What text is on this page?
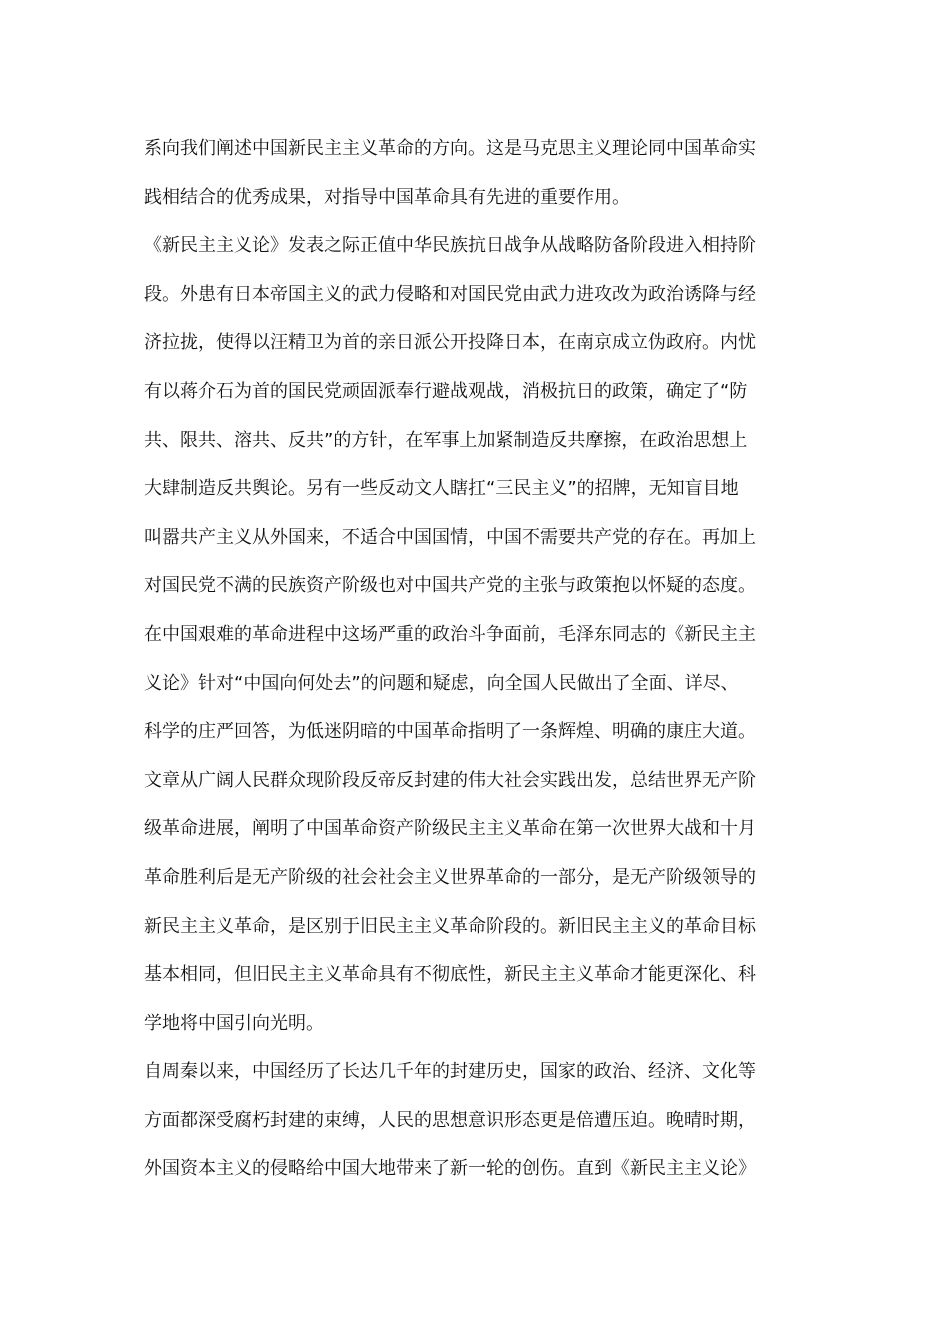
系向我们阐述中国新民主主义革命的方向。这是马克思主义理论同中国革命实
践相结合的优秀成果，对指导中国革命具有先进的重要作用。
《新民主主义论》发表之际正值中华民族抗日战争从战略防备阶段进入相持阶
段。外患有日本帝国主义的武力侵略和对国民党由武力进攻改为政治诱降与经
济拉拢，使得以汪精卫为首的亲日派公开投降日本，在南京成立伪政府。内忧
有以蒋介石为首的国民党顽固派奉行避战观战，消极抗日的政策，确定了“防
共、限共、溶共、反共”的方针，在军事上加紧制造反共摩擦，在政治思想上
大肆制造反共舆论。另有一些反动文人瞎扛“三民主义”的招牌，无知盲目地
叫嚣共产主义从外国来，不适合中国国情，中国不需要共产党的存在。再加上
对国民党不满的民族资产阶级也对中国共产党的主张与政策抱以怀疑的态度。
在中国艰难的革命进程中这场严重的政治斗争面前，毛泽东同志的《新民主主
义论》针对“中国向何处去”的问题和疑虑，向全国人民做出了全面、详尽、
科学的庄严回答，为低迷阴暗的中国革命指明了一条辉煌、明确的康庄大道。
文章从广阔人民群众现阶段反帝反封建的伟大社会实践出发，总结世界无产阶
级革命进展，阐明了中国革命资产阶级民主主义革命在第一次世界大战和十月
革命胜利后是无产阶级的社会社会主义世界革命的一部分，是无产阶级领导的
新民主主义革命，是区别于旧民主主义革命阶段的。新旧民主主义的革命目标
基本相同，但旧民主主义革命具有不彻底性，新民主主义革命才能更深化、科
学地将中国引向光明。
自周秦以来，中国经历了长达几千年的封建历史，国家的政治、经济、文化等
方面都深受腐朽封建的束缚，人民的思想意识形态更是倍遭压迫。晚晴时期，
外国资本主义的侵略给中国大地带来了新一轮的创伤。直到《新民主主义论》
